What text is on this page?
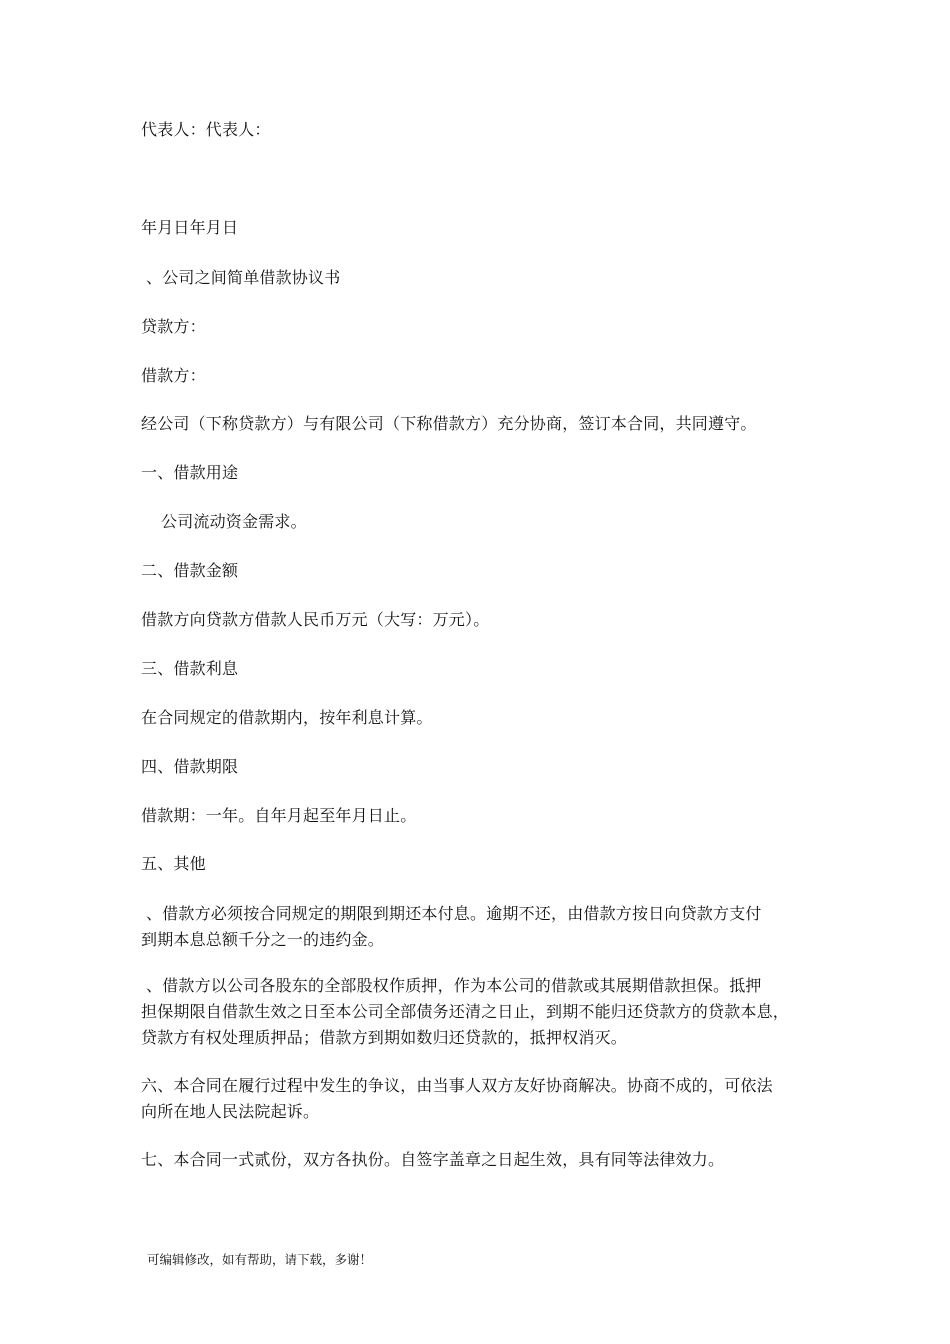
代表人：代表人：
年月日年月日
、公司之间简单借款协议书
贷款方：
借款方：
经公司（下称贷款方）与有限公司（下称借款方）充分协商，签订本合同，共同遵守。
一、借款用途
公司流动资金需求。
二、借款金额
借款方向贷款方借款人民币万元（大写：万元）。
三、借款利息
在合同规定的借款期内，按年利息计算。
四、借款期限
借款期：一年。自年月起至年月日止。
五、其他
、借款方必须按合同规定的期限到期还本付息。逾期不还，由借款方按日向贷款方支付
到期本息总额千分之一的违约金。
、借款方以公司各股东的全部股权作质押，作为本公司的借款或其展期借款担保。抵押
担保期限自借款生效之日至本公司全部债务还清之日止，到期不能归还贷款方的贷款本息，
贷款方有权处理质押品；借款方到期如数归还贷款的，抵押权消灭。
六、本合同在履行过程中发生的争议，由当事人双方友好协商解决。协商不成的，可依法
向所在地人民法院起诉。
七、本合同一式贰份，双方各执份。自签字盖章之日起生效，具有同等法律效力。
可编辑修改，如有帮助，请下载，多谢！
